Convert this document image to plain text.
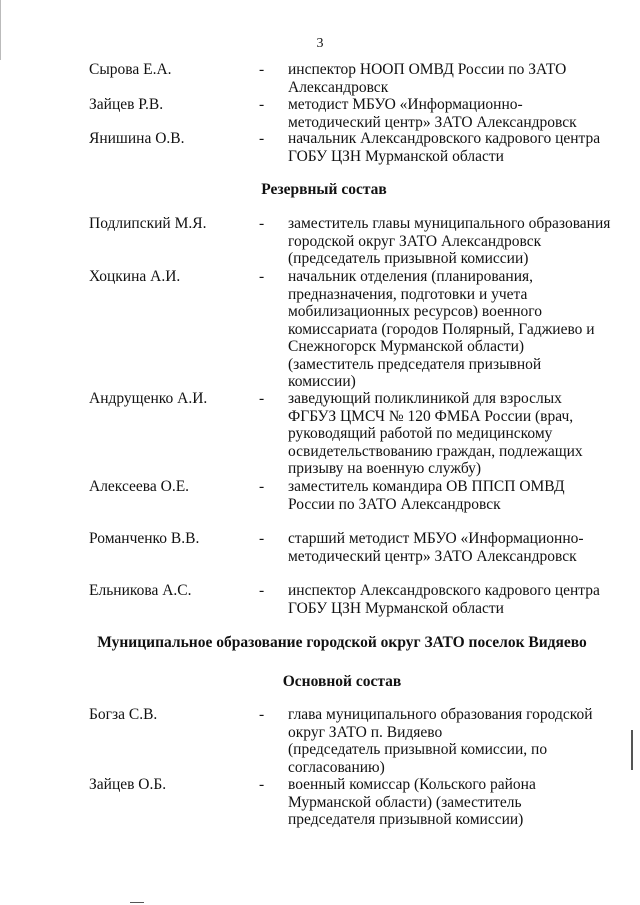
3
Сырова Е.А.	- инспектор НООП ОМВД России по ЗАТО
Александровск
Зайцев Р.В.	- методист МБУО «Информационно-
методический центр» ЗАТО Александровск
Янишина О.В.	- начальник Александровского кадрового центра
ГОБУ ЦЗН Мурманской области
Резервный состав
Подлипский М.Я.	- заместитель главы муниципального образования
городской округ ЗАТО Александровск
(председатель призывной комиссии)
Хоцкина А.И.	- начальник отделения (планирования,
предназначения, подготовки и учета
мобилизационных ресурсов) военного
комиссариата (городов Полярный, Гаджиево и
Снежногорск Мурманской области)
(заместитель председателя призывной
комиссии)
Андрущенко А.И.	- заведующий поликлиникой для взрослых
ФГБУЗ ЦМСЧ № 120 ФМБА России (врач,
руководящий работой по медицинскому
освидетельствованию граждан, подлежащих
призыву на военную службу)
Алексеева О.Е.	- заместитель командира ОВ ППСП ОМВД
России по ЗАТО Александровск
Романченко В.В.	- старший методист МБУО «Информационно-
методический центр» ЗАТО Александровск
Ельникова А.С.	- инспектор Александровского кадрового центра
ГОБУ ЦЗН Мурманской области
Муниципальное образование городской округ ЗАТО поселок Видяево
Основной состав
Богза С.В.	- глава муниципального образования городской
округ ЗАТО п. Видяево
(председатель призывной комиссии, по
согласованию)
Зайцев О.Б.	- военный комиссар (Кольского района
Мурманской области) (заместитель
председателя призывной комиссии)
